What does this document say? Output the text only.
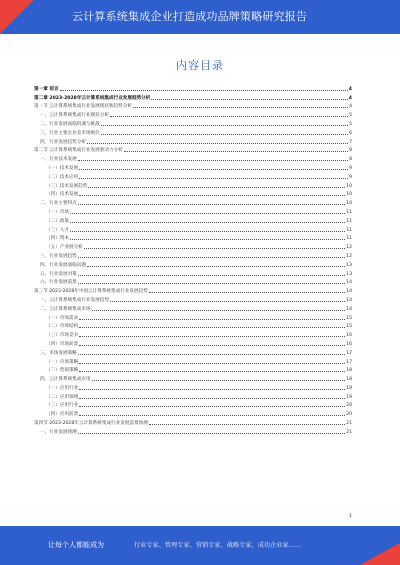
云计算系统集成企业打造成功品牌策略研究报告
内容目录
第一章 前言	4
第二章 2023-2028年云计算系统集成行业发展趋势分析	4
第一节 云计算系统集成行业发展现状和趋势分析	4
一、云计算系统集成行业现状分析	5
二、行业发展面临机遇与挑战	5
三、行业主要企业及市场地位	6
四、行业发展趋势分析	7
第二节 云计算系统集成行业发展驱动力分析	8
一、行业技术发展	8
（一）技术发展	9
（二）技术应用	9
（三）技术发展趋势	10
（四）技术发展	10
二、行业主要特点	10
（一）市场	11
（二）政策	11
（三）人才	11
（四）资本	11
（五）产业链分析	12
三、行业发展趋势	12
四、行业发展面临问题	13
五、行业发展对策	13
六、行业发展前景	14
第三节 2023-2028年中国云计算系统集成行业发展趋势	14
一、云计算系统集成行业发展趋势	14
二、云计算系统集成市场	14
（一）市场需求	15
（二）市场结构	15
（三）市场竞争	16
（四）市场前景	16
三、市场发展策略	17
（一）市场策略	17
（二）营销策略	18
四、云计算系统集成应用	18
（一）应用行业	19
（二）应用领域	19
（三）应用行业	20
（四）应用前景	20
第四节 2023-2028年云计算系统集成行业发展前景预测	21
一、行业发展预测	21
1
让每个人都能成为	行业专家、管理专家、营销专家、战略专家、成功企业家……
